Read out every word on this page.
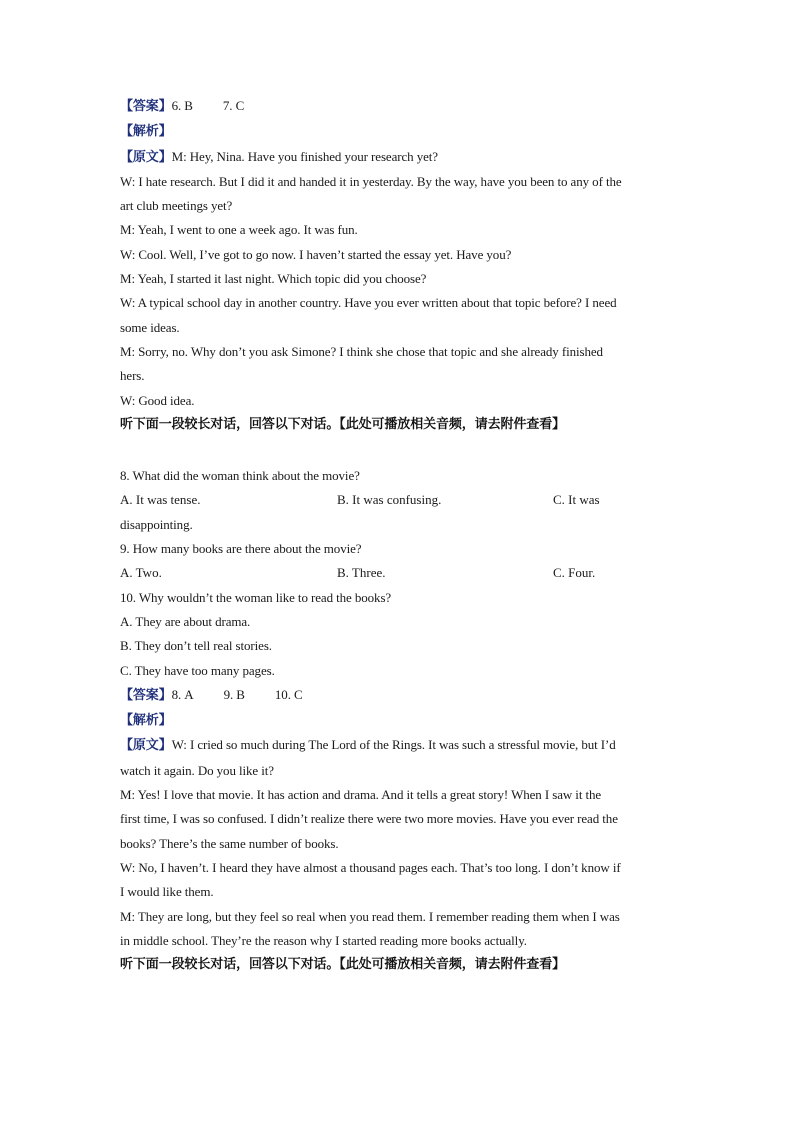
【答案】6. B 7. C
【解析】
【原文】M: Hey, Nina. Have you finished your research yet?
W: I hate research. But I did it and handed it in yesterday. By the way, have you been to any of the
art club meetings yet?
M: Yeah, I went to one a week ago. It was fun.
W: Cool. Well, I’ve got to go now. I haven’t started the essay yet. Have you?
M: Yeah, I started it last night. Which topic did you choose?
W: A typical school day in another country. Have you ever written about that topic before? I need
some ideas.
M: Sorry, no. Why don’t you ask Simone? I think she chose that topic and she already finished
hers.
W: Good idea.
听下面一段较长对话，回答以下对话。【此处可播放相关音频，请去附件查看】
8. What did the woman think about the movie?
A. It was tense.	B. It was confusing.	C. It was
disappointing.
9. How many books are there about the movie?
A. Two.	B. Three.	C. Four.
10. Why wouldn’t the woman like to read the books?
A. They are about drama.
B. They don’t tell real stories.
C. They have too many pages.
【答案】8. A 9. B 10. C
【解析】
【原文】W: I cried so much during The Lord of the Rings. It was such a stressful movie, but I’d
watch it again. Do you like it?
M: Yes! I love that movie. It has action and drama. And it tells a great story! When I saw it the
first time, I was so confused. I didn’t realize there were two more movies. Have you ever read the
books? There’s the same number of books.
W: No, I haven’t. I heard they have almost a thousand pages each. That’s too long. I don’t know if
I would like them.
M: They are long, but they feel so real when you read them. I remember reading them when I was
in middle school. They’re the reason why I started reading more books actually.
听下面一段较长对话，回答以下对话。【此处可播放相关音频，请去附件查看】
